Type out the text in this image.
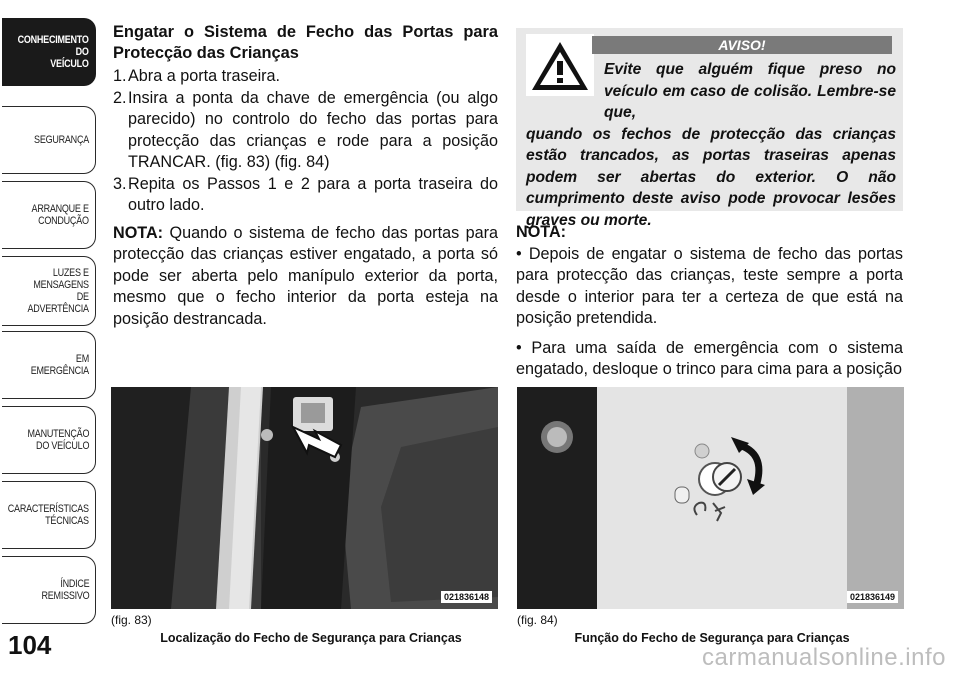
CONHECIMENTO
DO
VEÍCULO
SEGURANÇA
ARRANQUE E
CONDUÇÃO
LUZES E
MENSAGENS
DE
ADVERTÊNCIA
EM
EMERGÊNCIA
MANUTENÇÃO
DO VEÍCULO
CARACTERÍSTICAS
TÉCNICAS
ÍNDICE
REMISSIVO
104

Engatar o Sistema de Fecho das Portas para Protecção das Crianças

1. Abra a porta traseira.
2. Insira a ponta da chave de emergência (ou algo parecido) no controlo do fecho das portas para protecção das crianças e rode para a posição TRANCAR. (fig. 83) (fig. 84)
3. Repita os Passos 1 e 2 para a porta traseira do outro lado.

NOTA: Quando o sistema de fecho das portas para protecção das crianças estiver engatado, a porta só pode ser aberta pelo manípulo exterior da porta, mesmo que o fecho interior da porta esteja na posição destrancada.

AVISO!
Evite que alguém fique preso no veículo em caso de colisão. Lembre-se que,
quando os fechos de protecção das crianças estão trancados, as portas traseiras apenas podem ser abertas do exterior. O não cumprimento deste aviso pode provocar lesões graves ou morte.
NOTA:

• Depois de engatar o sistema de fecho das portas para protecção das crianças, teste sempre a porta desde o interior para ter a certeza de que está na posição pretendida.

• Para uma saída de emergência com o sistema engatado, desloque o trinco para cima para a posição

021836148
(fig. 83)
Localização do Fecho de Segurança para Crianças
021836149
(fig. 84)
Função do Fecho de Segurança para Crianças
carmanualsonline.info
